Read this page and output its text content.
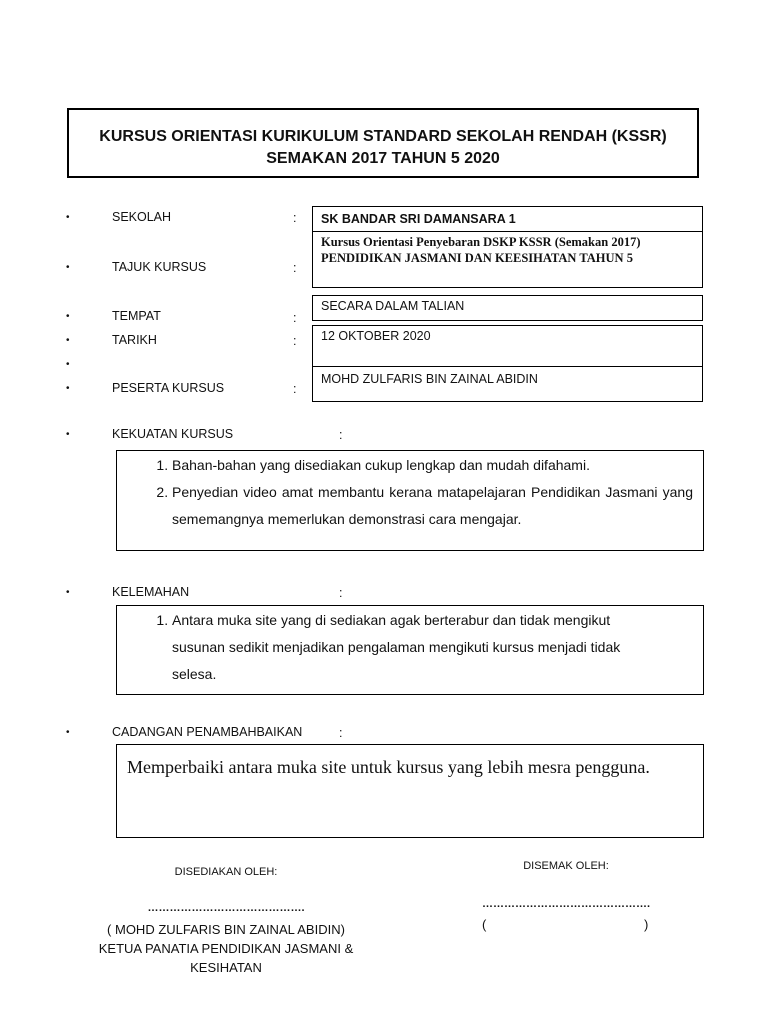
KURSUS ORIENTASI KURIKULUM STANDARD SEKOLAH RENDAH (KSSR)
SEMAKAN 2017 TAHUN 5 2020
•
•
•
•
•
•
•
•
•
SEKOLAH
TAJUK KURSUS
TEMPAT
TARIKH
PESERTA KURSUS
KEKUATAN KURSUS
KELEMAHAN
CADANGAN PENAMBAHBAIKAN
:
:
:
:
:
:
:
:
SK BANDAR SRI DAMANSARA 1
Kursus Orientasi Penyebaran DSKP KSSR (Semakan 2017)
PENDIDIKAN JASMANI DAN KEESIHATAN TAHUN 5
SECARA DALAM TALIAN
12 OKTOBER 2020
MOHD ZULFARIS BIN ZAINAL ABIDIN
1. Bahan-bahan yang disediakan cukup lengkap dan mudah difahami.
2. Penyedian video amat membantu kerana matapelajaran Pendidikan Jasmani yang sememangnya memerlukan demonstrasi cara mengajar.
1. Antara muka site yang di sediakan agak berterabur dan tidak mengikut susunan sedikit menjadikan pengalaman mengikuti kursus menjadi tidak selesa.
Memperbaiki antara muka site untuk kursus yang lebih mesra pengguna.
DISEDIAKAN OLEH:
…………………………………….
( MOHD ZULFARIS BIN ZAINAL ABIDIN)
KETUA PANATIA PENDIDIKAN JASMANI &
KESIHATAN
DISEMAK OLEH:
……………………………………….
(	)
